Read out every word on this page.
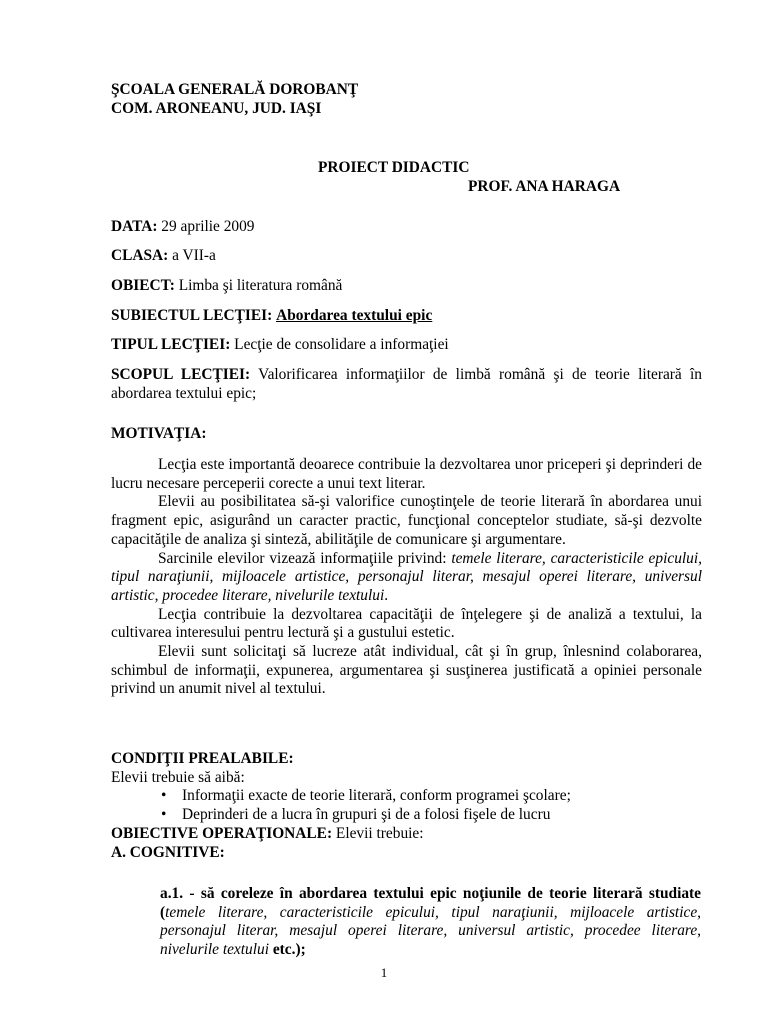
ŞCOALA GENERALĂ DOROBANŢ
COM. ARONEANU, JUD. IAŞI
PROIECT DIDACTIC
PROF. ANA HARAGA
DATA: 29 aprilie 2009
CLASA: a VII-a
OBIECT: Limba şi literatura română
SUBIECTUL LECŢIEI: Abordarea textului epic
TIPUL LECŢIEI: Lecţie de consolidare a informaţiei
SCOPUL LECŢIEI: Valorificarea informaţiilor de limbă română şi de teorie literară în abordarea textului epic;
MOTIVAŢIA:
Lecţia este importantă deoarece contribuie la dezvoltarea unor priceperi şi deprinderi de lucru necesare perceperii corecte a unui text literar.
Elevii au posibilitatea să-şi valorifice cunoştinţele de teorie literară în abordarea unui fragment epic, asigurând un caracter practic, funcţional conceptelor studiate, să-şi dezvolte capacităţile de analiza şi sinteză, abilităţile de comunicare şi argumentare.
Sarcinile elevilor vizează informaţiile privind: temele literare, caracteristicile epicului, tipul naraţiunii, mijloacele artistice, personajul literar, mesajul operei literare, universul artistic, procedee literare, nivelurile textului.
Lecţia contribuie la dezvoltarea capacităţii de înţelegere şi de analiză a textului, la cultivarea interesului pentru lectură şi a gustului estetic.
Elevii sunt solicitaţi să lucreze atât individual, cât şi în grup, înlesnind colaborarea, schimbul de informaţii, expunerea, argumentarea şi susţinerea justificată a opiniei personale privind un anumit nivel al textului.
CONDIŢII PREALABILE:
Elevii trebuie să aibă:
• Informaţii exacte de teorie literară, conform programei şcolare;
• Deprinderi de a lucra în grupuri şi de a folosi fişele de lucru
OBIECTIVE OPERAŢIONALE: Elevii trebuie:
A. COGNITIVE:
a.1. - să coreleze în abordarea textului epic noţiunile de teorie literară studiate (temele literare, caracteristicile epicului, tipul naraţiunii, mijloacele artistice, personajul literar, mesajul operei literare, universul artistic, procedee literare, nivelurile textului etc.);
1
